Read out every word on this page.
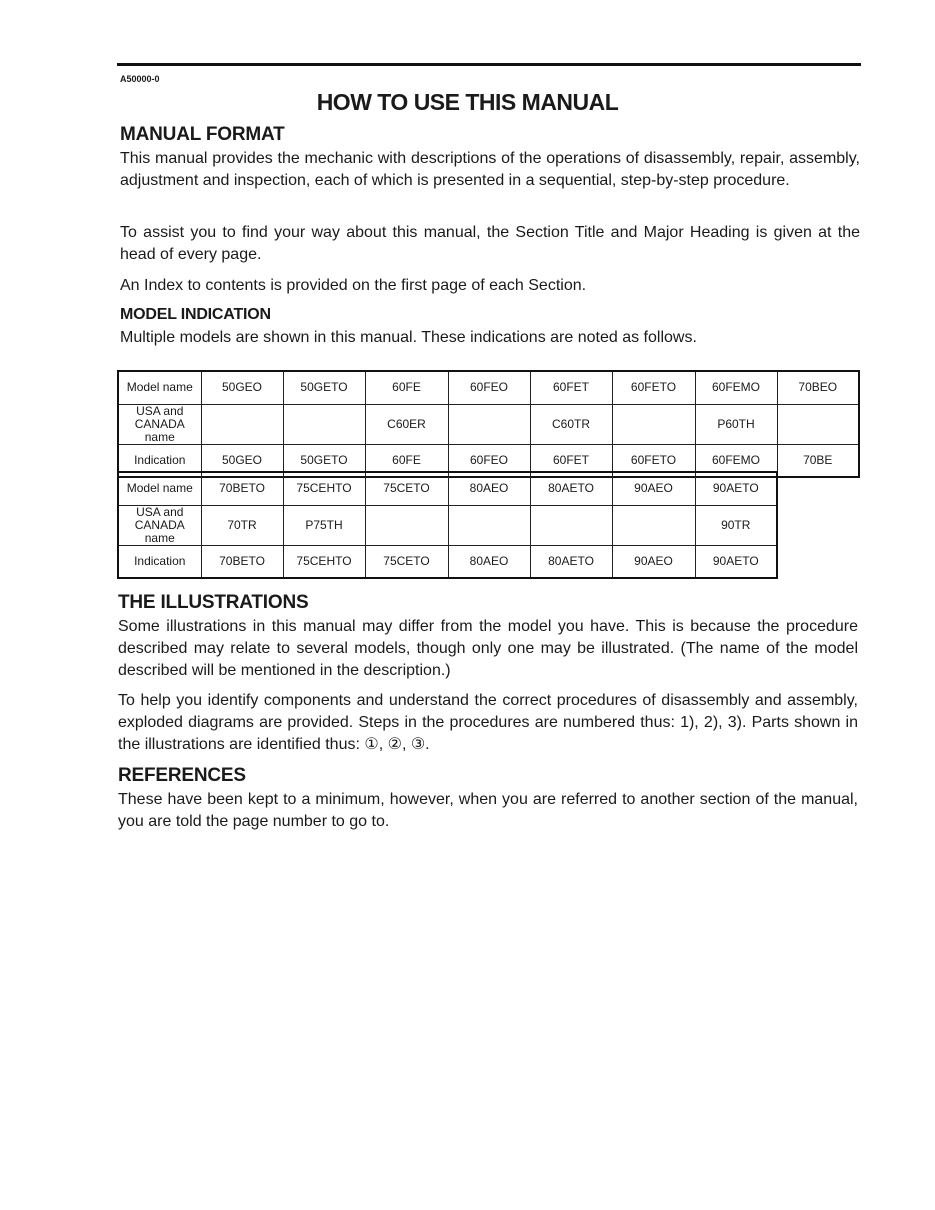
A50000-0
HOW TO USE THIS MANUAL
MANUAL FORMAT
This manual provides the mechanic with descriptions of the operations of disassembly, repair, assembly, adjustment and inspection, each of which is presented in a sequential, step-by-step procedure.
To assist you to find your way about this manual, the Section Title and Major Heading is given at the head of every page.
An Index to contents is provided on the first page of each Section.
MODEL INDICATION
Multiple models are shown in this manual. These indications are noted as follows.
Model name	50GEO	50GETO	60FE	60FEO	60FET	60FETO	60FEMO	70BEO
USA and
CANADA name			C60ER		C60TR		P60TH	
Indication	50GEO	50GETO	60FE	60FEO	60FET	60FETO	60FEMO	70BE
Model name	70BETO	75CEHTO	75CETO	80AEO	80AETO	90AEO	90AETO
USA and
CANADA name	70TR	P75TH					90TR
Indication	70BETO	75CEHTO	75CETO	80AEO	80AETO	90AEO	90AETO
THE ILLUSTRATIONS
Some illustrations in this manual may differ from the model you have. This is because the procedure described may relate to several models, though only one may be illustrated. (The name of the model described will be mentioned in the description.)
To help you identify components and understand the correct procedures of disassembly and assembly, exploded diagrams are provided. Steps in the procedures are numbered thus: 1), 2), 3). Parts shown in the illustrations are identified thus: ①, ②, ③.
REFERENCES
These have been kept to a minimum, however, when you are referred to another section of the manual, you are told the page number to go to.
